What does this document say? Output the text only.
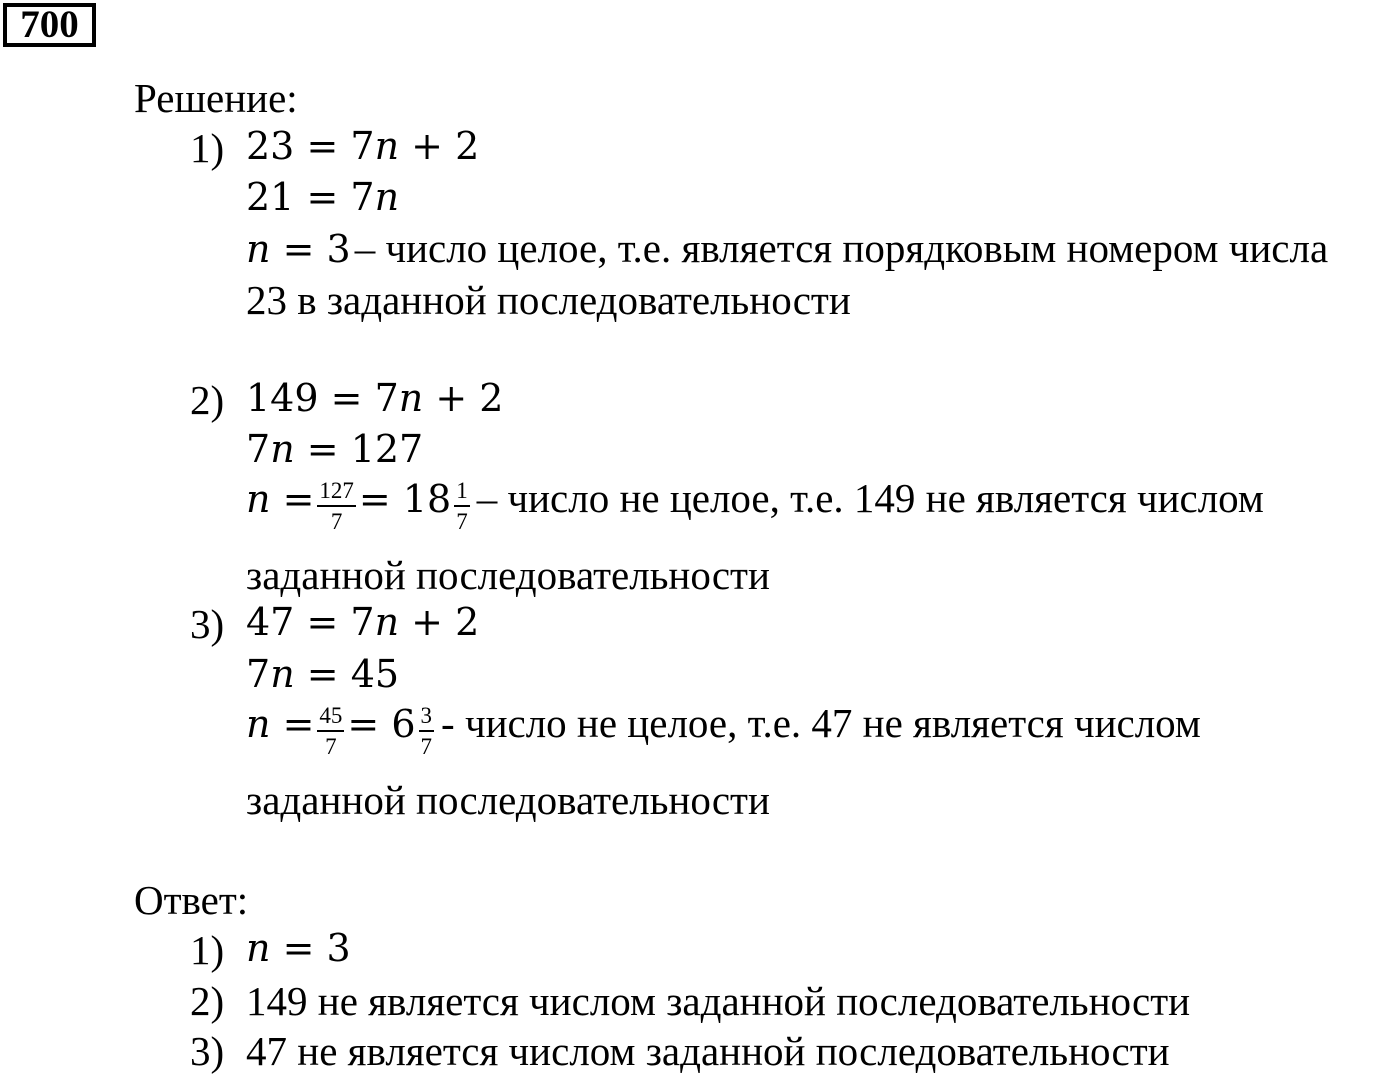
700
Решение:
1) 23 = 7n + 2
21 = 7n
n = 3 – число целое, т.е. является порядковым номером числа
23 в заданной последовательности
2) 149 = 7n + 2
7n = 127
$n = \frac{127}{7} = 18 \frac{1}{7}$ – число не целое, т.е. 149 не является числом
заданной последовательности
3) 47 = 7n + 2
7n = 45
$n = \frac{45}{7} = 6 \frac{3}{7}$ - число не целое, т.е. 47 не является числом
заданной последовательности
Ответ:
1) n = 3
2) 149 не является числом заданной последовательности
3) 47 не является числом заданной последовательности
